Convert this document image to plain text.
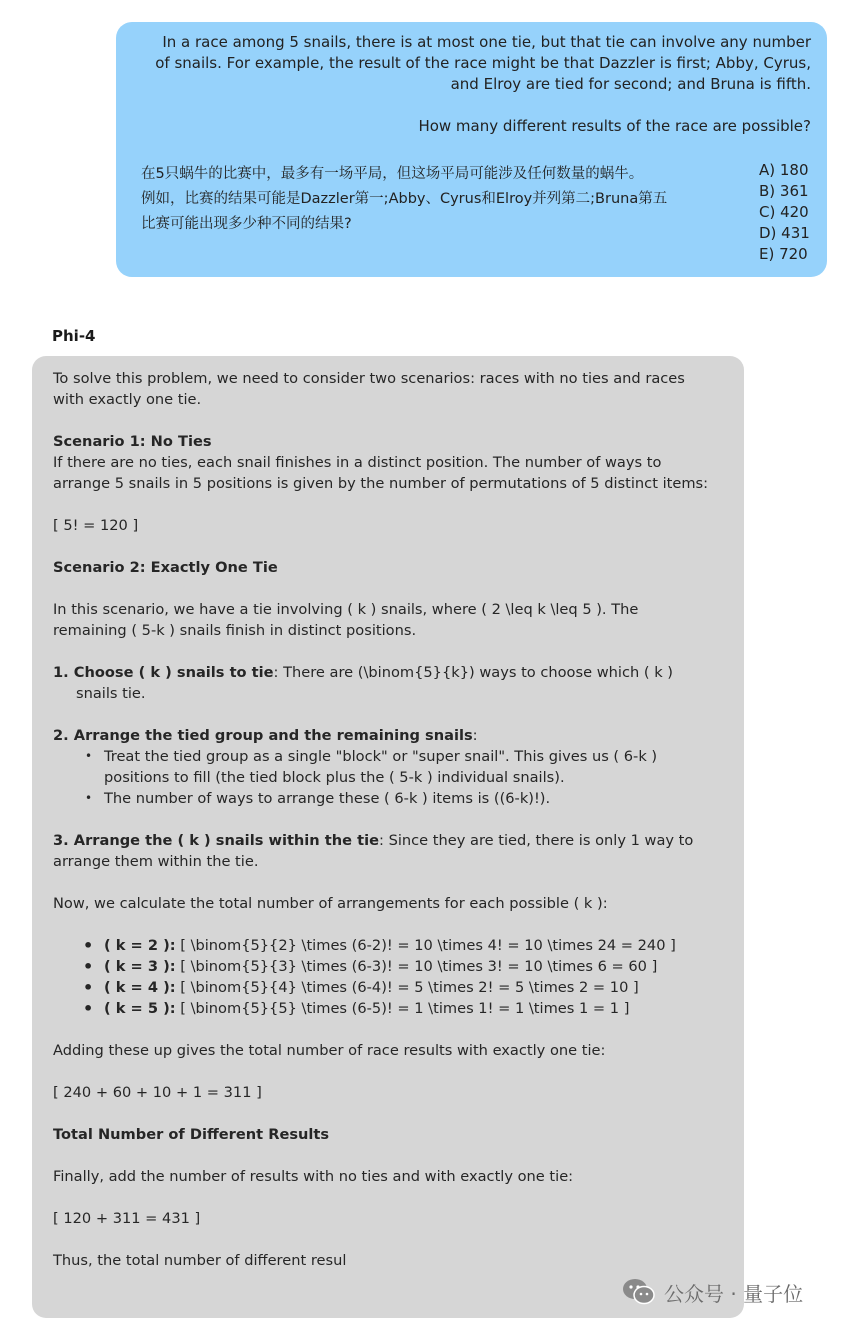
In a race among 5 snails, there is at most one tie, but that tie can involve any number

of snails. For example, the result of the race might be that Dazzler is first; Abby, Cyrus,

and Elroy are tied for second; and Bruna is fifth.

How many different results of the race are possible?

在5只蜗牛的比赛中，最多有一场平局，但这场平局可能涉及任何数量的蜗牛。

例如，比赛的结果可能是Dazzler第一;Abby、Cyrus和Elroy并列第二;Bruna第五

比赛可能出现多少种不同的结果?

A) 180
B) 361
C) 420
D) 431
E) 720
Phi-4

To solve this problem, we need to consider two scenarios: races with no ties and races with exactly one tie.

Scenario 1: No Ties

If there are no ties, each snail finishes in a distinct position. The number of ways to arrange 5 snails in 5 positions is given by the number of permutations of 5 distinct items:

[ 5! = 120 ]

Scenario 2: Exactly One Tie

In this scenario, we have a tie involving ( k ) snails, where ( 2 \leq k \leq 5 ). The remaining ( 5-k ) snails finish in distinct positions.

1. Choose ( k ) snails to tie: There are (\binom{5}{k}) ways to choose which ( k ) snails tie.
2. Arrange the tied group and the remaining snails:
• Treat the tied group as a single "block" or "super snail". This gives us ( 6-k ) positions to fill (the tied block plus the ( 5-k ) individual snails).
• The number of ways to arrange these ( 6-k ) items is ((6-k)!).
3. Arrange the ( k ) snails within the tie: Since they are tied, there is only 1 way to arrange them within the tie.

Now, we calculate the total number of arrangements for each possible ( k ):

• ( k = 2 ): [ \binom{5}{2} \times (6-2)! = 10 \times 4! = 10 \times 24 = 240 ]
• ( k = 3 ): [ \binom{5}{3} \times (6-3)! = 10 \times 3! = 10 \times 6 = 60 ]
• ( k = 4 ): [ \binom{5}{4} \times (6-4)! = 5 \times 2! = 5 \times 2 = 10 ]
• ( k = 5 ): [ \binom{5}{5} \times (6-5)! = 1 \times 1! = 1 \times 1 = 1 ]

Adding these up gives the total number of race results with exactly one tie:

[ 240 + 60 + 10 + 1 = 311 ]

Total Number of Different Results

Finally, add the number of results with no ties and with exactly one tie:

[ 120 + 311 = 431 ]

Thus, the total number of different resul

公众号 · 量子位
